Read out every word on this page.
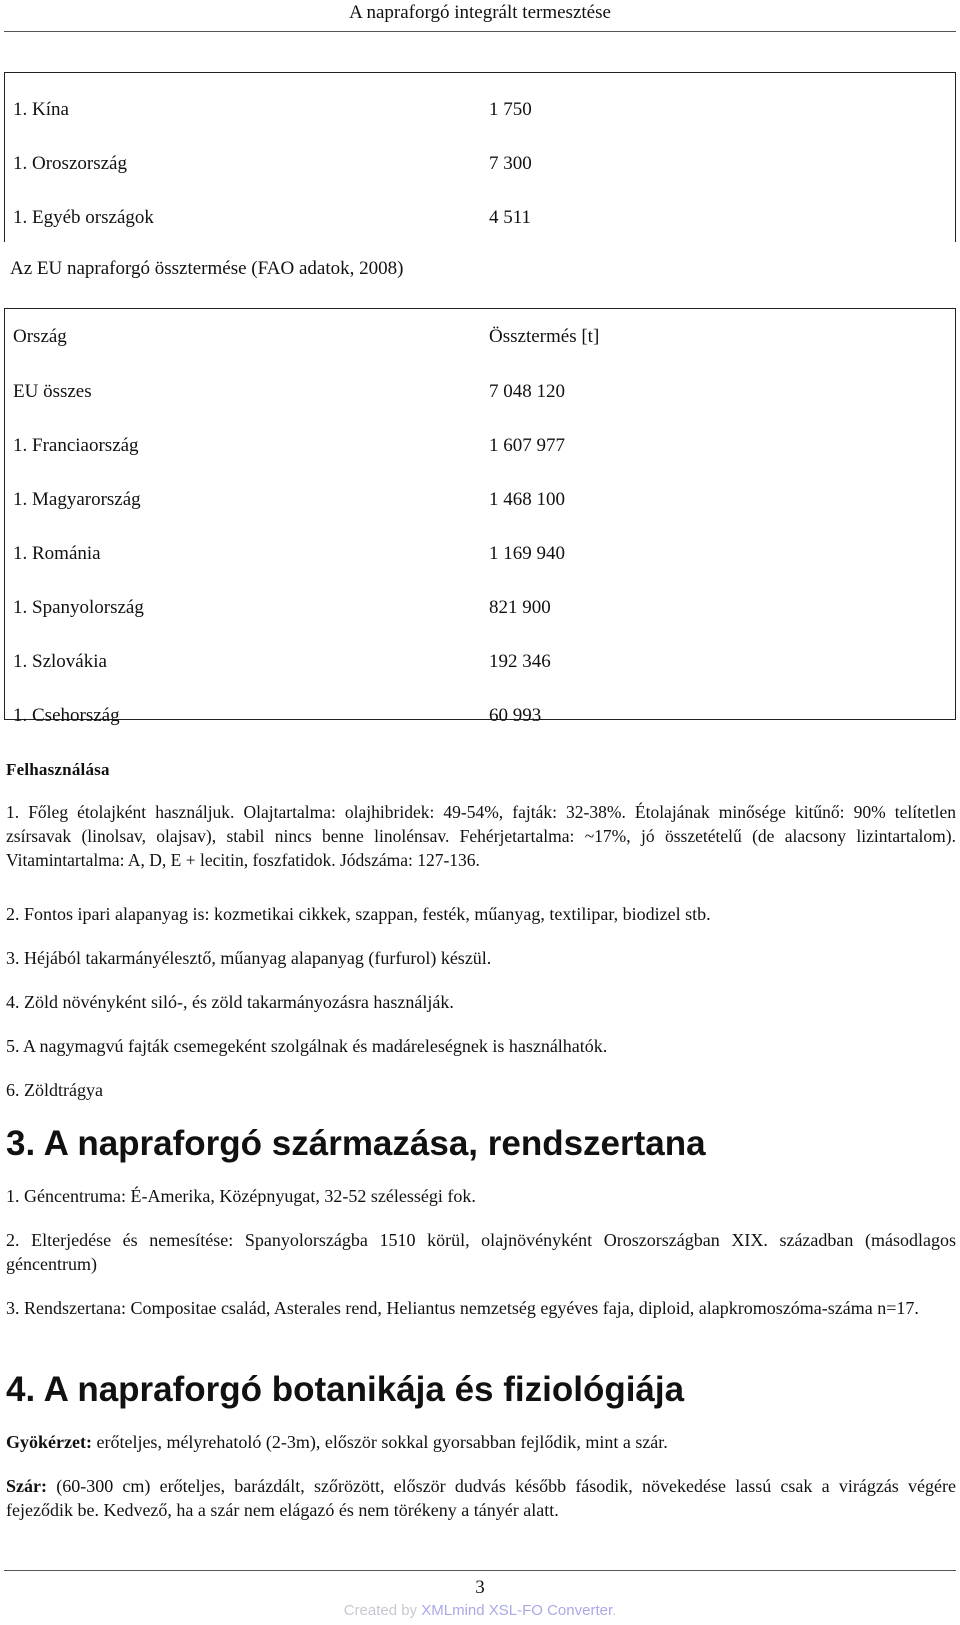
A napraforgó integrált termesztése
1. Kína	1 750
1. Oroszország	7 300
1. Egyéb országok	4 511
Az EU napraforgó össztermése (FAO adatok, 2008)
Ország	Össztermés [t]
EU összes	7 048 120
1. Franciaország	1 607 977
1. Magyarország	1 468 100
1. Románia	1 169 940
1. Spanyolország	821 900
1. Szlovákia	192 346
1. Csehország	60 993
Felhasználása
1. Főleg étolajként használjuk. Olajtartalma: olajhibridek: 49-54%, fajták: 32-38%. Étolajának minősége kitűnő: 90% telítetlen zsírsavak (linolsav, olajsav), stabil nincs benne linolénsav. Fehérjetartalma: ~17%, jó összetételű (de alacsony lizintartalom). Vitamintartalma: A, D, E + lecitin, foszfatidok. Jódszáma: 127-136.
2. Fontos ipari alapanyag is: kozmetikai cikkek, szappan, festék, műanyag, textilipar, biodizel stb.
3. Héjából takarmányélesztő, műanyag alapanyag (furfurol) készül.
4. Zöld növényként siló-, és zöld takarmányozásra használják.
5. A nagymagvú fajták csemegeként szolgálnak és madáreleségnek is használhatók.
6. Zöldtrágya
3. A napraforgó származása, rendszertana
1. Géncentruma: É-Amerika, Középnyugat, 32-52 szélességi fok.
2. Elterjedése és nemesítése: Spanyolországba 1510 körül, olajnövényként Oroszországban XIX. században (másodlagos géncentrum)
3. Rendszertana: Compositae család, Asterales rend, Heliantus nemzetség egyéves faja, diploid, alapkromoszóma-száma n=17.
4. A napraforgó botanikája és fiziológiája
Gyökérzet: erőteljes, mélyrehatoló (2-3m), először sokkal gyorsabban fejlődik, mint a szár.
Szár: (60-300 cm) erőteljes, barázdált, szőrözött, először dudvás később fásodik, növekedése lassú csak a virágzás végére fejeződik be. Kedvező, ha a szár nem elágazó és nem törékeny a tányér alatt.
3
Created by XMLmind XSL-FO Converter.
